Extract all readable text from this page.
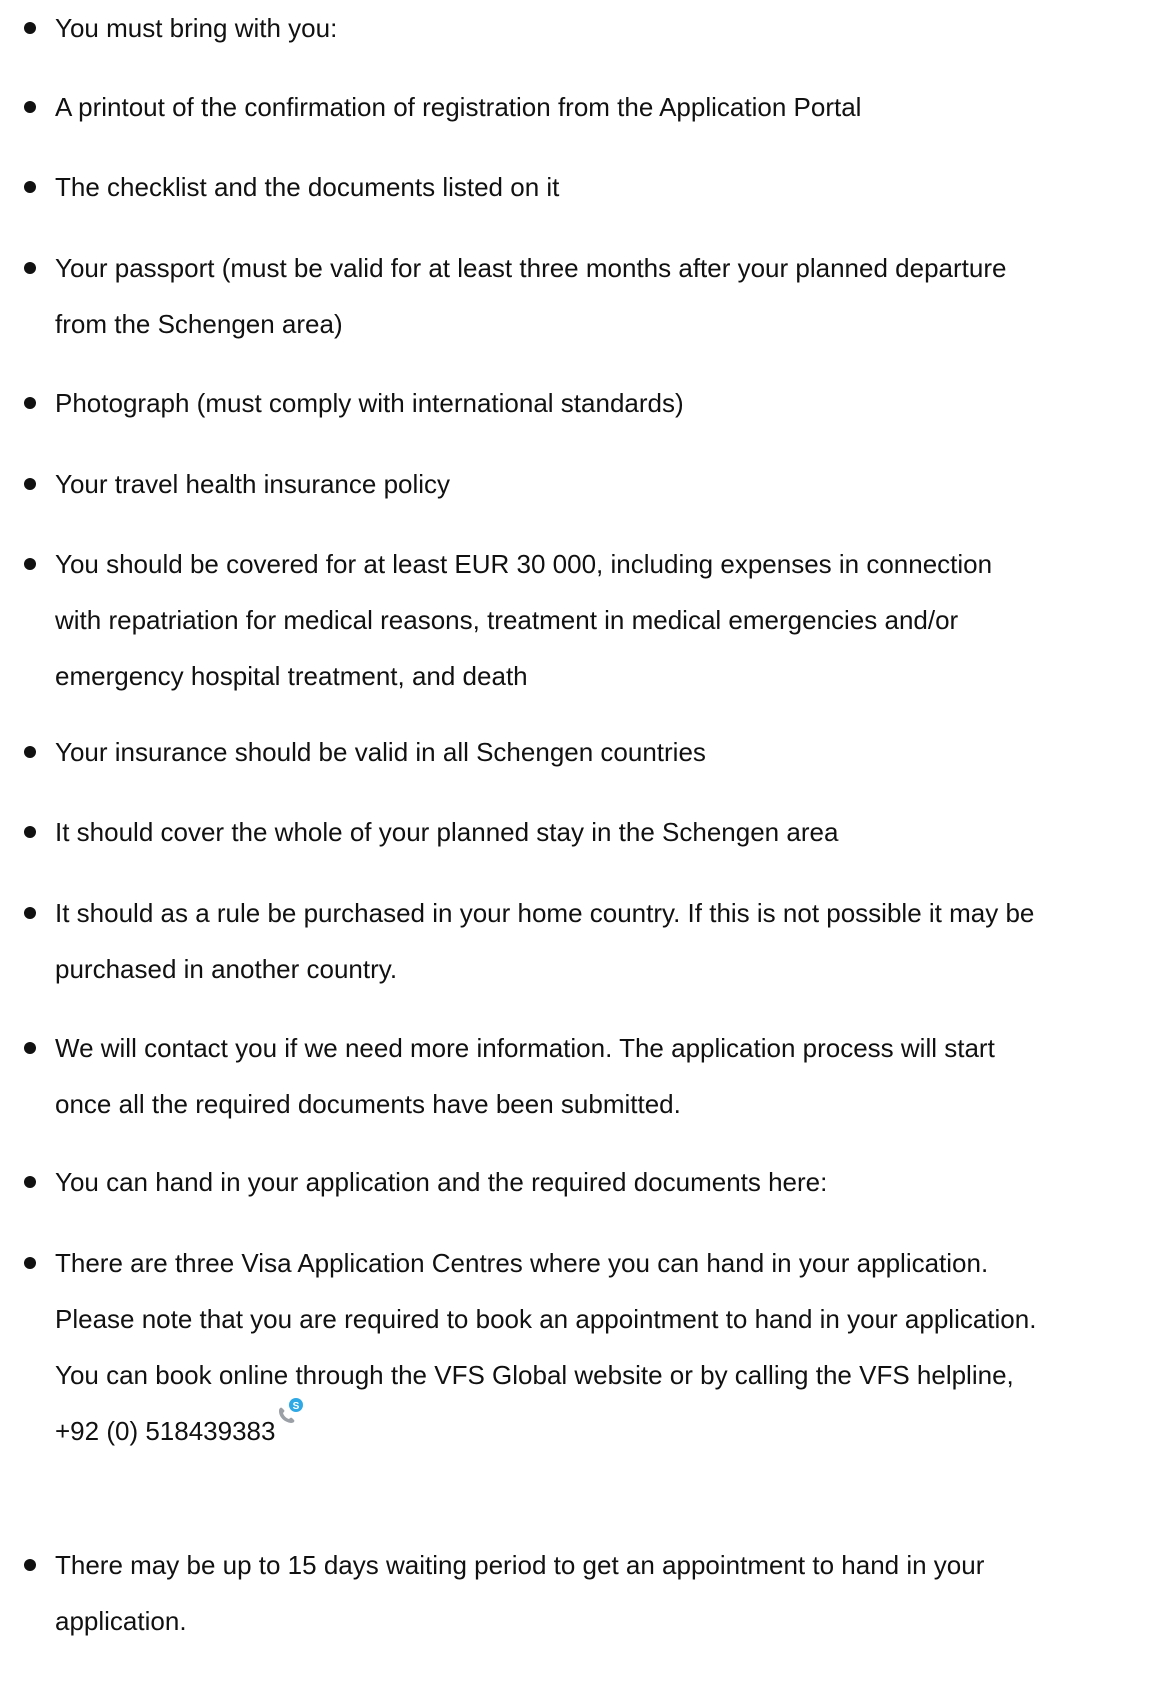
You must bring with you:
A printout of the confirmation of registration from the Application Portal
The checklist and the documents listed on it
Your passport (must be valid for at least three months after your planned departure
from the Schengen area)
Photograph (must comply with international standards)
Your travel health insurance policy
You should be covered for at least EUR 30 000, including expenses in connection
with repatriation for medical reasons, treatment in medical emergencies and/or
emergency hospital treatment, and death
Your insurance should be valid in all Schengen countries
It should cover the whole of your planned stay in the Schengen area
It should as a rule be purchased in your home country. If this is not possible it may be
purchased in another country.
We will contact you if we need more information. The application process will start
once all the required documents have been submitted.
You can hand in your application and the required documents here:
There are three Visa Application Centres where you can hand in your application.
Please note that you are required to book an appointment to hand in your application.
You can book online through the VFS Global website or by calling the VFS helpline,
+92 (0) 518439383
S
There may be up to 15 days waiting period to get an appointment to hand in your
application.
